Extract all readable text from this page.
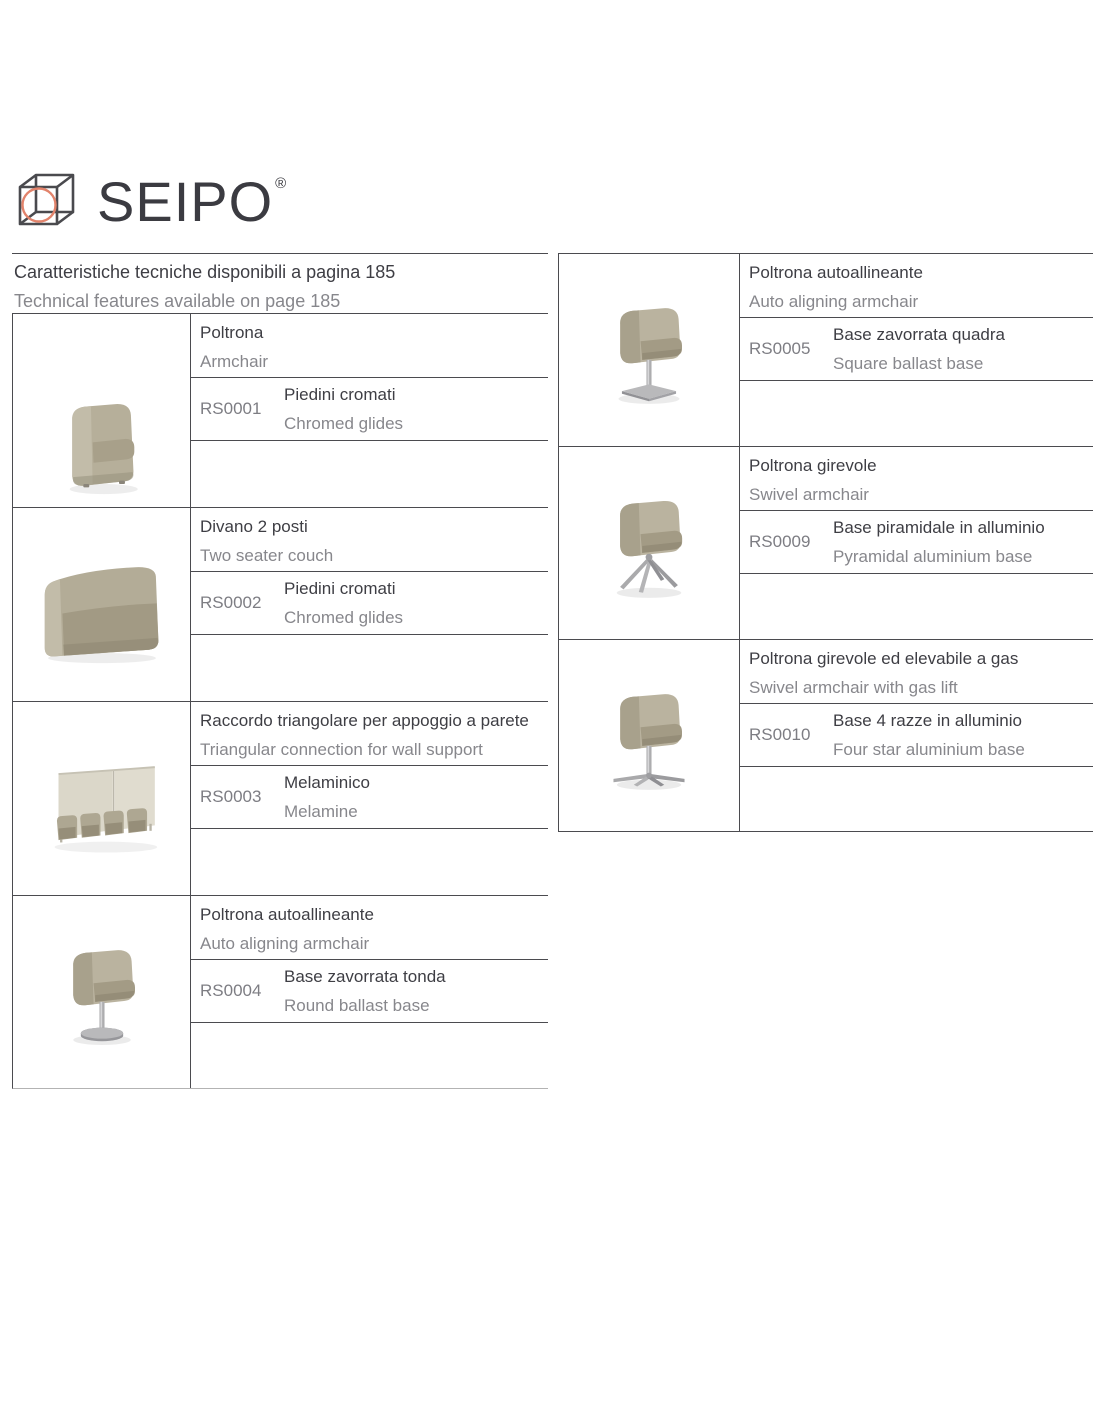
SEIPO ®
Caratteristiche tecniche disponibili a pagina 185
Technical features available on page 185
Poltrona
Armchair
RS0001
Piedini cromati
Chromed glides
Divano 2 posti
Two seater couch
RS0002
Piedini cromati
Chromed glides
Raccordo triangolare per appoggio a parete
Triangular connection for wall support
RS0003
Melaminico
Melamine
Poltrona autoallineante
Auto aligning armchair
RS0004
Base zavorrata tonda
Round ballast base
Poltrona autoallineante
Auto aligning armchair
RS0005
Base zavorrata quadra
Square ballast base
Poltrona girevole
Swivel armchair
RS0009
Base piramidale in alluminio
Pyramidal aluminium base
Poltrona girevole ed elevabile a gas
Swivel armchair with gas lift
RS0010
Base 4 razze in alluminio
Four star aluminium base
